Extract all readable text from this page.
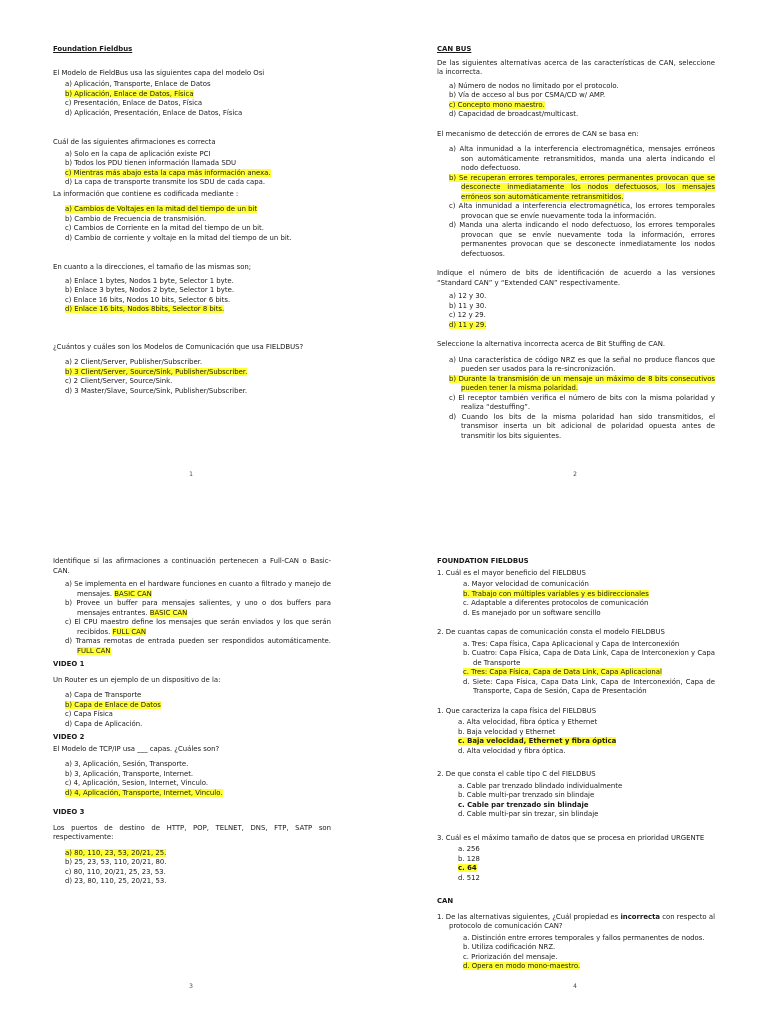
Foundation Fieldbus
El Modelo de FieldBus usa las siguientes capa del modelo Osi
a) Aplicación, Transporte, Enlace de Datos
b) Aplicación, Enlace de Datos, Física
c) Presentación, Enlace de Datos, Física
d) Aplicación, Presentación, Enlace de Datos, Física
Cuál de las siguientes afirmaciones es correcta
a) Solo en la capa de aplicación existe PCI
b) Todos los PDU tienen información llamada SDU
c) Mientras más abajo esta la capa más información anexa.
d) La capa de transporte transmite los SDU de cada capa.
La información que contiene es codificada mediante :
a) Cambios de Voltajes en la mitad del tiempo de un bit
b) Cambio de Frecuencia de transmisión.
c) Cambios de Corriente en la mitad del tiempo de un bit.
d) Cambio de corriente y voltaje en la mitad del tiempo de un bit.
En cuanto a la direcciones, el tamaño de las mismas son;
a) Enlace 1 bytes, Nodos 1 byte, Selector 1 byte.
b) Enlace 3 bytes, Nodos 2 byte, Selector 1 byte.
c) Enlace 16 bits, Nodos 10 bits, Selector 6 bits.
d) Enlace 16 bits, Nodos 8bits, Selector 8 bits.
¿Cuántos y cuáles son los Modelos de Comunicación que usa FIELDBUS?
a) 2 Client/Server, Publisher/Subscriber.
b) 3 Client/Server, Source/Sink, Publisher/Subscriber.
c) 2 Client/Server, Source/Sink.
d) 3 Master/Slave, Source/Sink, Publisher/Subscriber.
1
CAN BUS
De las siguientes alternativas acerca de las características de CAN, seleccione la incorrecta.
a) Número de nodos no limitado por el protocolo.
b) Vía de acceso al bus por CSMA/CD w/ AMP.
c) Concepto mono maestro.
d) Capacidad de broadcast/multicast.
El mecanismo de detección de errores de CAN se basa en:
a) Alta inmunidad a la interferencia electromagnética, mensajes erróneos son automáticamente retransmitidos, manda una alerta indicando el nodo defectuoso.
b) Se recuperan errores temporales, errores permanentes provocan que se desconecte inmediatamente los nodos defectuosos, los mensajes erróneos son automáticamente retransmitidos.
c) Alta inmunidad a interferencia electromagnética, los errores temporales provocan que se envíe nuevamente toda la información.
d) Manda una alerta indicando el nodo defectuoso, los errores temporales provocan que se envíe nuevamente toda la información, errores permanentes provocan que se desconecte inmediatamente los nodos defectuosos.
Indique el número de bits de identificación de acuerdo a las versiones “Standard CAN” y “Extended CAN” respectivamente.
a) 12 y 30.
b) 11 y 30.
c) 12 y 29.
d) 11 y 29.
Seleccione la alternativa incorrecta acerca de Bit Stuffing de CAN.
a) Una característica de código NRZ es que la señal no produce flancos que pueden ser usados para la re-sincronización.
b) Durante la transmisión de un mensaje un máximo de 8 bits consecutivos pueden tener la misma polaridad.
c) El receptor también verifica el número de bits con la misma polaridad y realiza “destuffing”.
d) Cuando los bits de la misma polaridad han sido transmitidos, el transmisor inserta un bit adicional de polaridad opuesta antes de transmitir los bits siguientes.
2
Identifique si las afirmaciones a continuación pertenecen a Full-CAN o Basic-CAN.
a) Se implementa en el hardware funciones en cuanto a filtrado y manejo de mensajes. BASIC CAN
b) Provee un buffer para mensajes salientes, y uno o dos buffers para mensajes entrantes. BASIC CAN
c) El CPU maestro define los mensajes que serán enviados y los que serán recibidos. FULL CAN
d) Tramas remotas de entrada pueden ser respondidos automáticamente. FULL CAN
VIDEO 1
Un Router es un ejemplo de un dispositivo de la:
a) Capa de Transporte
b) Capa de Enlace de Datos
c) Capa Física
d) Capa de Aplicación.
VIDEO 2
El Modelo de TCP/IP usa ___ capas. ¿Cuáles son?
a) 3, Aplicación, Sesión, Transporte.
b) 3, Aplicación, Transporte, Internet.
c) 4, Aplicación, Sesion, Internet, Vinculo.
d) 4, Aplicación, Transporte, Internet, Vinculo.
VIDEO 3
Los puertos de destino de HTTP, POP, TELNET, DNS, FTP, SATP son respectivamente:
a) 80, 110, 23, 53, 20/21, 25.
b) 25, 23, 53, 110, 20/21, 80.
c) 80, 110, 20/21, 25, 23, 53.
d) 23, 80, 110, 25, 20/21, 53.
3
FOUNDATION FIELDBUS
1. Cuál es el mayor beneficio del FIELDBUS
a. Mayor velocidad de comunicación
b. Trabajo con múltiples variables y es bidireccionales
c. Adaptable a diferentes protocolos de comunicación
d. Es manejado por un software sencillo
2. De cuantas capas de comunicación consta el modelo FIELDBUS
a. Tres: Capa física, Capa Aplicacional y Capa de Interconexión
b. Cuatro: Capa Física, Capa de Data Link, Capa de Interconexion y Capa de Transporte
c. Tres: Capa Física, Capa de Data Link, Capa Aplicacional
d. Siete: Capa Física, Capa Data Link, Capa de Interconexión, Capa de Transporte, Capa de Sesión, Capa de Presentación
1. Que caracteriza la capa física del FIELDBUS
a. Alta velocidad, fibra óptica y Ethernet
b. Baja velocidad y Ethernet
c. Baja velocidad, Ethernet y fibra óptica
d. Alta velocidad y fibra óptica.
2. De que consta el cable tipo C del FIELDBUS
a. Cable par trenzado blindado individualmente
b. Cable multi-par trenzado sin blindaje
c. Cable par trenzado sin blindaje
d. Cable multi-par sin trezar, sin blindaje
3. Cuál es el máximo tamaño de datos que se procesa en prioridad URGENTE
a. 256
b. 128
c. 64
d. 512
CAN
1. De las alternativas siguientes, ¿Cuál propiedad es incorrecta con respecto al protocolo de comunicación CAN?
a. Distinción entre errores temporales y fallos permanentes de nodos.
b. Utiliza codificación NRZ.
c. Priorización del mensaje.
d. Opera en modo mono-maestro.
4
